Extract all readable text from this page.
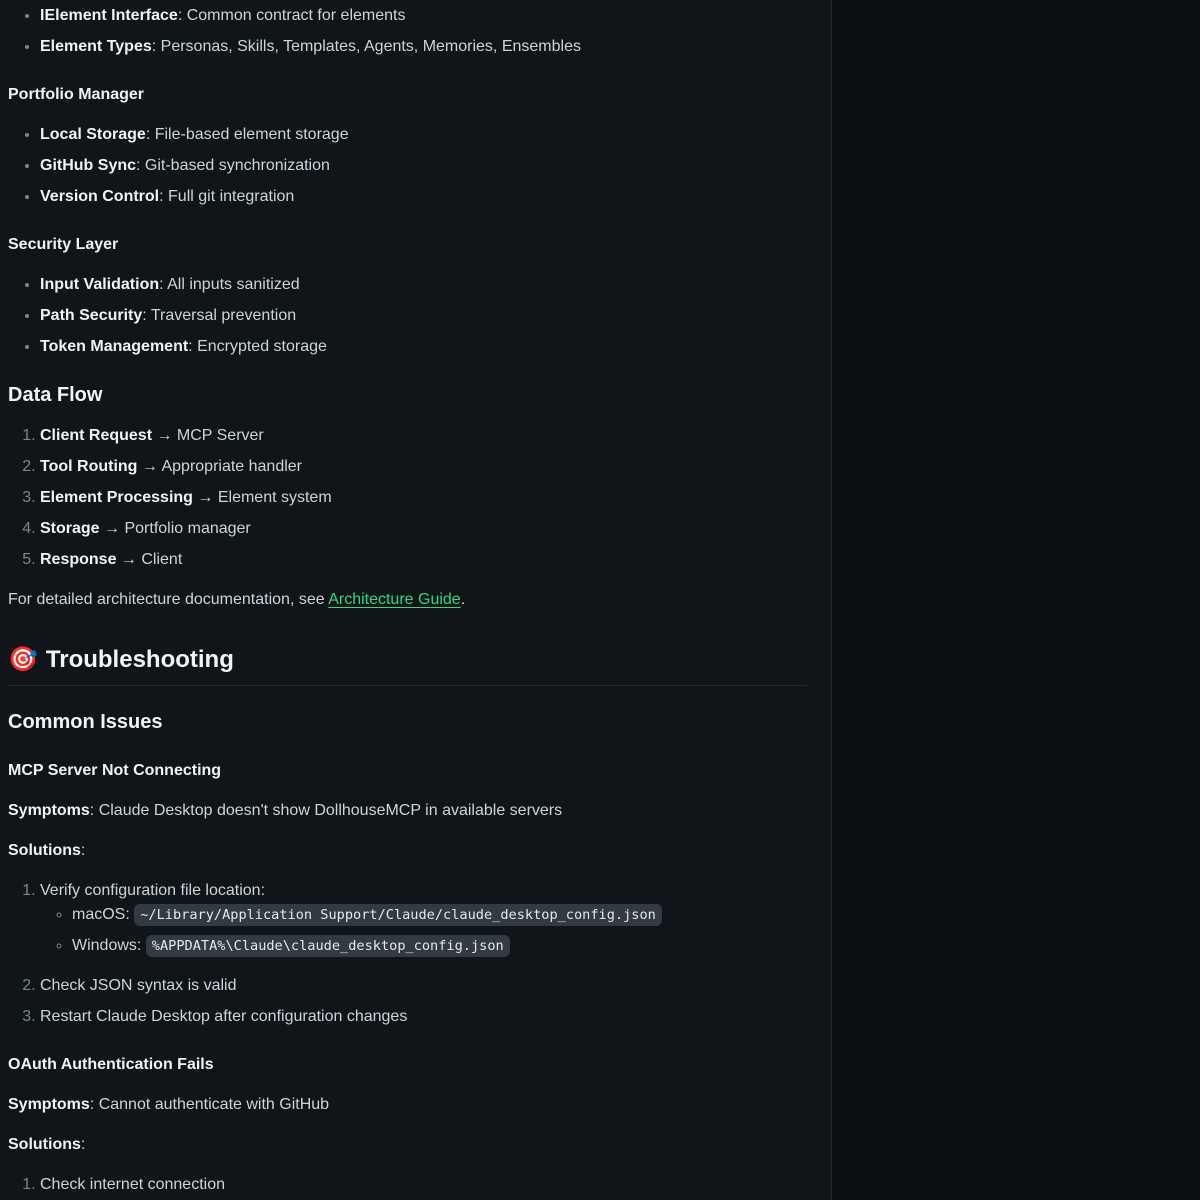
• IElement Interface: Common contract for elements
• Element Types: Personas, Skills, Templates, Agents, Memories, Ensembles
Portfolio Manager
• Local Storage: File-based element storage
• GitHub Sync: Git-based synchronization
• Version Control: Full git integration
Security Layer
• Input Validation: All inputs sanitized
• Path Security: Traversal prevention
• Token Management: Encrypted storage
Data Flow
1. Client Request → MCP Server
2. Tool Routing → Appropriate handler
3. Element Processing → Element system
4. Storage → Portfolio manager
5. Response → Client

For detailed architecture documentation, see Architecture Guide.

🎯 Troubleshooting
Common Issues
MCP Server Not Connecting

Symptoms: Claude Desktop doesn't show DollhouseMCP in available servers

Solutions:

1. Verify configuration file location:
◦ macOS: ~/Library/Application Support/Claude/claude_desktop_config.json
◦ Windows: %APPDATA%\Claude\claude_desktop_config.json
2. Check JSON syntax is valid
3. Restart Claude Desktop after configuration changes
OAuth Authentication Fails

Symptoms: Cannot authenticate with GitHub

Solutions:

1. Check internet connection
